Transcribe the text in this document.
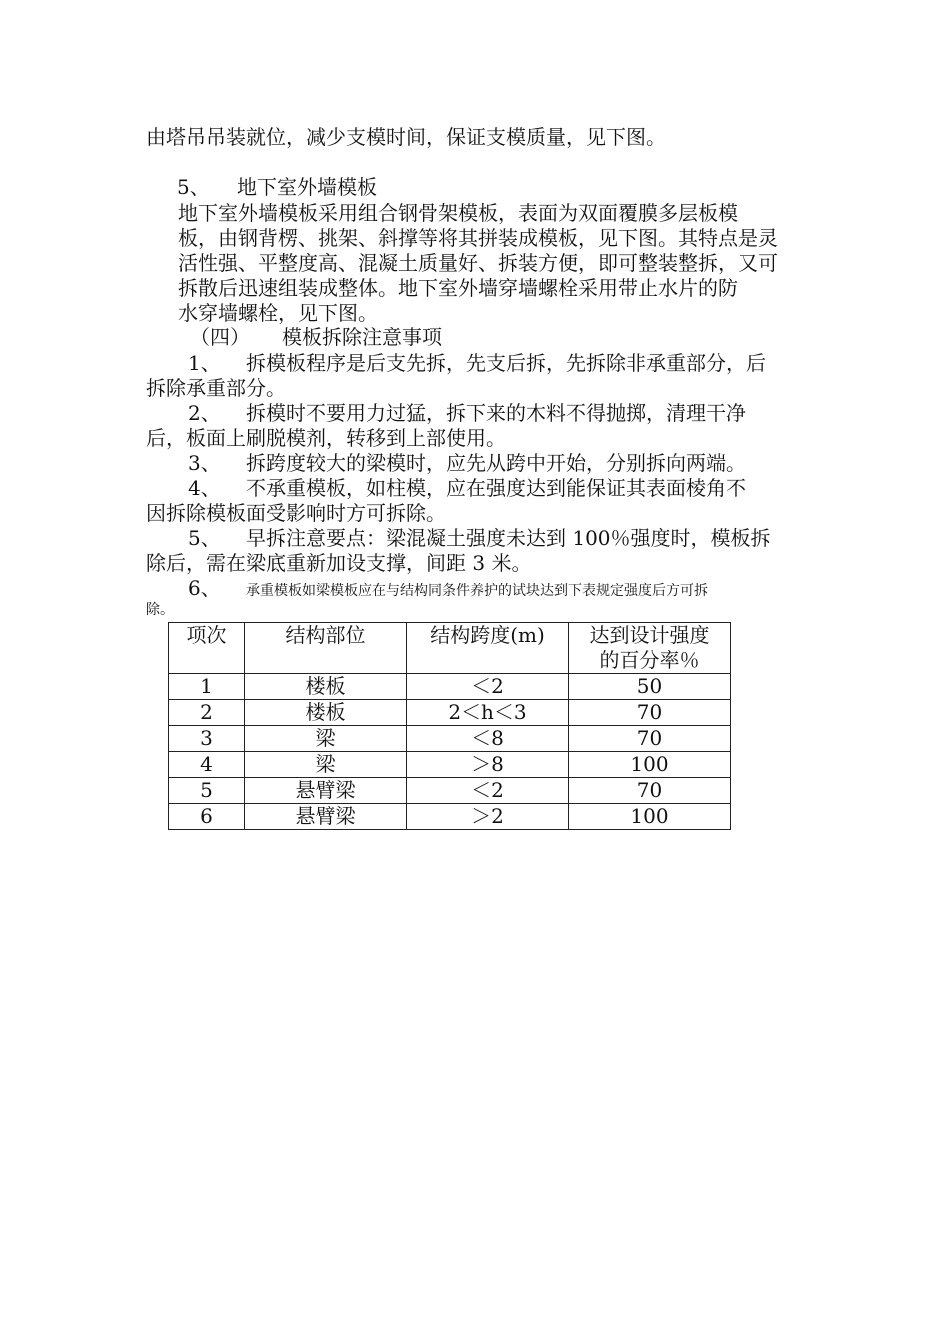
由塔吊吊装就位，减少支模时间，保证支模质量，见下图。
5、 地下室外墙模板
地下室外墙模板采用组合钢骨架模板，表面为双面覆膜多层板模
板，由钢背楞、挑架、斜撑等将其拼装成模板，见下图。其特点是灵
活性强、平整度高、混凝土质量好、拆装方便，即可整装整拆，又可
拆散后迅速组装成整体。地下室外墙穿墙螺栓采用带止水片的防
水穿墙螺栓，见下图。
（四） 模板拆除注意事项
1、 拆模板程序是后支先拆，先支后拆，先拆除非承重部分，后
拆除承重部分。
2、 拆模时不要用力过猛，拆下来的木料不得抛掷，清理干净
后，板面上刷脱模剂，转移到上部使用。
3、 拆跨度较大的梁模时，应先从跨中开始，分别拆向两端。
4、 不承重模板，如柱模，应在强度达到能保证其表面棱角不
因拆除模板面受影响时方可拆除。
5、 早拆注意要点：梁混凝土强度未达到 100％强度时，模板拆
除后，需在梁底重新加设支撑，间距 3 米。
6、 承重模板如梁模板应在与结构同条件养护的试块达到下表规定强度后方可拆
除。
项次	结构部位	结构跨度(m)	达到设计强度
的百分率％
1	楼板	＜2	50
2	楼板	2＜h＜3	70
3	梁	＜8	70
4	梁	＞8	100
5	悬臂梁	＜2	70
6	悬臂梁	＞2	100
